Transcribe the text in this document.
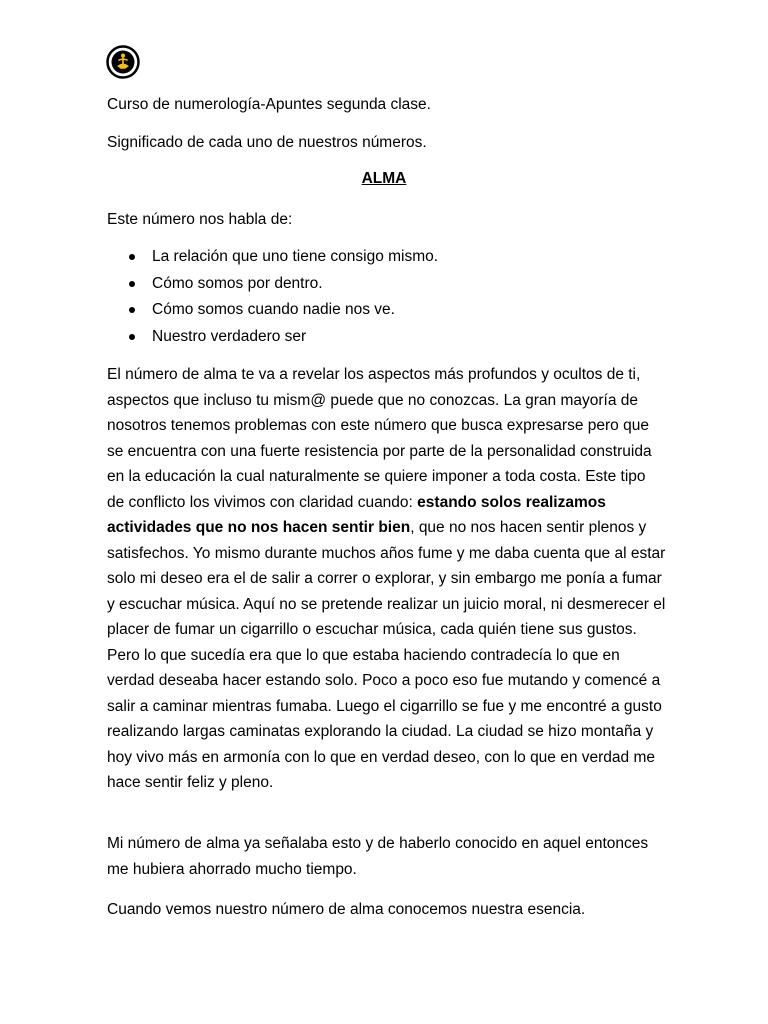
Curso de numerología-Apuntes segunda clase.

Significado de cada uno de nuestros números.

ALMA

Este número nos habla de:

La relación que uno tiene consigo mismo.
Cómo somos por dentro.
Cómo somos cuando nadie nos ve.
Nuestro verdadero ser

El número de alma te va a revelar los aspectos más profundos y ocultos de ti, aspectos que incluso tu mism@ puede que no conozcas. La gran mayoría de nosotros tenemos problemas con este número que busca expresarse pero que se encuentra con una fuerte resistencia por parte de la personalidad construida en la educación la cual naturalmente se quiere imponer a toda costa. Este tipo de conflicto los vivimos con claridad cuando: estando solos realizamos actividades que no nos hacen sentir bien, que no nos hacen sentir plenos y satisfechos. Yo mismo durante muchos años fume y me daba cuenta que al estar solo mi deseo era el de salir a correr o explorar, y sin embargo me ponía a fumar y escuchar música. Aquí no se pretende realizar un juicio moral, ni desmerecer el placer de fumar un cigarrillo o escuchar música, cada quién tiene sus gustos. Pero lo que sucedía era que lo que estaba haciendo contradecía lo que en verdad deseaba hacer estando solo. Poco a poco eso fue mutando y comencé a salir a caminar mientras fumaba. Luego el cigarrillo se fue y me encontré a gusto realizando largas caminatas explorando la ciudad. La ciudad se hizo montaña y hoy vivo más en armonía con lo que en verdad deseo, con lo que en verdad me hace sentir feliz y pleno.

Mi número de alma ya señalaba esto y de haberlo conocido en aquel entonces me hubiera ahorrado mucho tiempo.

Cuando vemos nuestro número de alma conocemos nuestra esencia.
